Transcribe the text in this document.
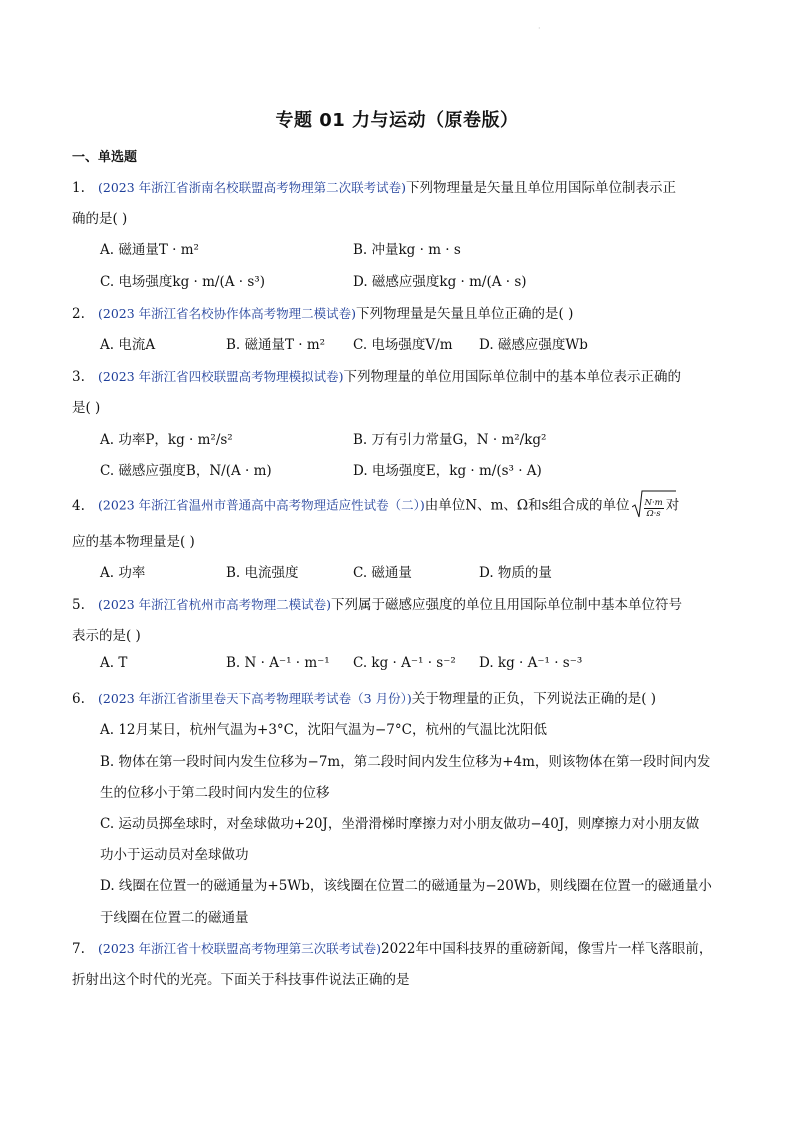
·
专题 01 力与运动（原卷版）
一、单选题
1. (2023 年浙江省浙南名校联盟高考物理第二次联考试卷)下列物理量是矢量且单位用国际单位制表示正
确的是( )
A. 磁通量T · m²	B. 冲量kg · m · s
C. 电场强度kg · m/(A · s³)	D. 磁感应强度kg · m/(A · s)
2. (2023 年浙江省名校协作体高考物理二模试卷)下列物理量是矢量且单位正确的是( )
A. 电流A	B. 磁通量T · m² C. 电场强度V/m D. 磁感应强度Wb
3. (2023 年浙江省四校联盟高考物理模拟试卷)下列物理量的单位用国际单位制中的基本单位表示正确的
是( )
A. 功率P，kg · m²/s²	B. 万有引力常量G，N · m²/kg²
C. 磁感应强度B，N/(A · m)	D. 电场强度E，kg · m/(s³ · A)
4. (2023 年浙江省温州市普通高中高考物理适应性试卷（二）)由单位N、m、Ω和s组合成的单位 $\frac{N\cdot m}{\Omega\cdot s}$ 对
应的基本物理量是( )
A. 功率	B. 电流强度	C. 磁通量	D. 物质的量
5. (2023 年浙江省杭州市高考物理二模试卷)下列属于磁感应强度的单位且用国际单位制中基本单位符号
表示的是( )
A. T	B. N · A⁻¹ · m⁻¹ C. kg · A⁻¹ · s⁻² D. kg · A⁻¹ · s⁻³
6. (2023 年浙江省浙里卷天下高考物理联考试卷（3 月份）)关于物理量的正负，下列说法正确的是( )
A. 12月某日，杭州气温为+3°C，沈阳气温为−7°C，杭州的气温比沈阳低
B. 物体在第一段时间内发生位移为−7m，第二段时间内发生位移为+4m，则该物体在第一段时间内发
生的位移小于第二段时间内发生的位移
C. 运动员掷垒球时，对垒球做功+20J，坐滑滑梯时摩擦力对小朋友做功−40J，则摩擦力对小朋友做
功小于运动员对垒球做功
D. 线圈在位置一的磁通量为+5Wb，该线圈在位置二的磁通量为−20Wb，则线圈在位置一的磁通量小
于线圈在位置二的磁通量
7. (2023 年浙江省十校联盟高考物理第三次联考试卷)2022年中国科技界的重磅新闻，像雪片一样飞落眼前，
折射出这个时代的光亮。下面关于科技事件说法正确的是
